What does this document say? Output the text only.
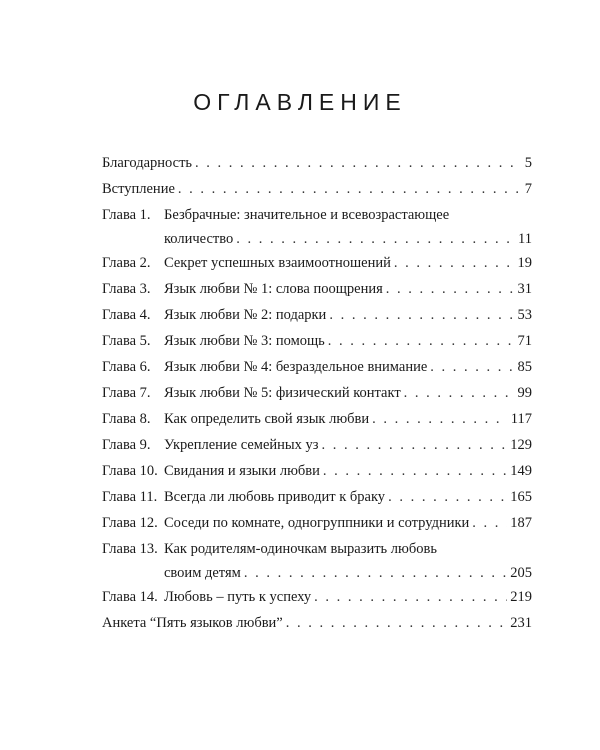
ОГЛАВЛЕНИЕ
Благодарность . . .	5
Вступление . . .	7
Глава 1. Безбрачные: значительное и всевозрастающее
количество . . .	11
Глава 2. Секрет успешных взаимоотношений . . .	19
Глава 3. Язык любви № 1: слова поощрения . . .	31
Глава 4. Язык любви № 2: подарки . . .	53
Глава 5. Язык любви № 3: помощь . . .	71
Глава 6. Язык любви № 4: безраздельное внимание . . .	85
Глава 7. Язык любви № 5: физический контакт . . .	99
Глава 8. Как определить свой язык любви . . .	117
Глава 9. Укрепление семейных уз . . .	129
Глава 10. Свидания и языки любви . . .	149
Глава 11. Всегда ли любовь приводит к браку . . .	165
Глава 12. Соседи по комнате, одногруппники и сотрудники . . .	187
Глава 13. Как родителям-одиночкам выразить любовь
своим детям . . .	205
Глава 14. Любовь – путь к успеху . . .	219
Анкета “Пять языков любви” . . .	231
